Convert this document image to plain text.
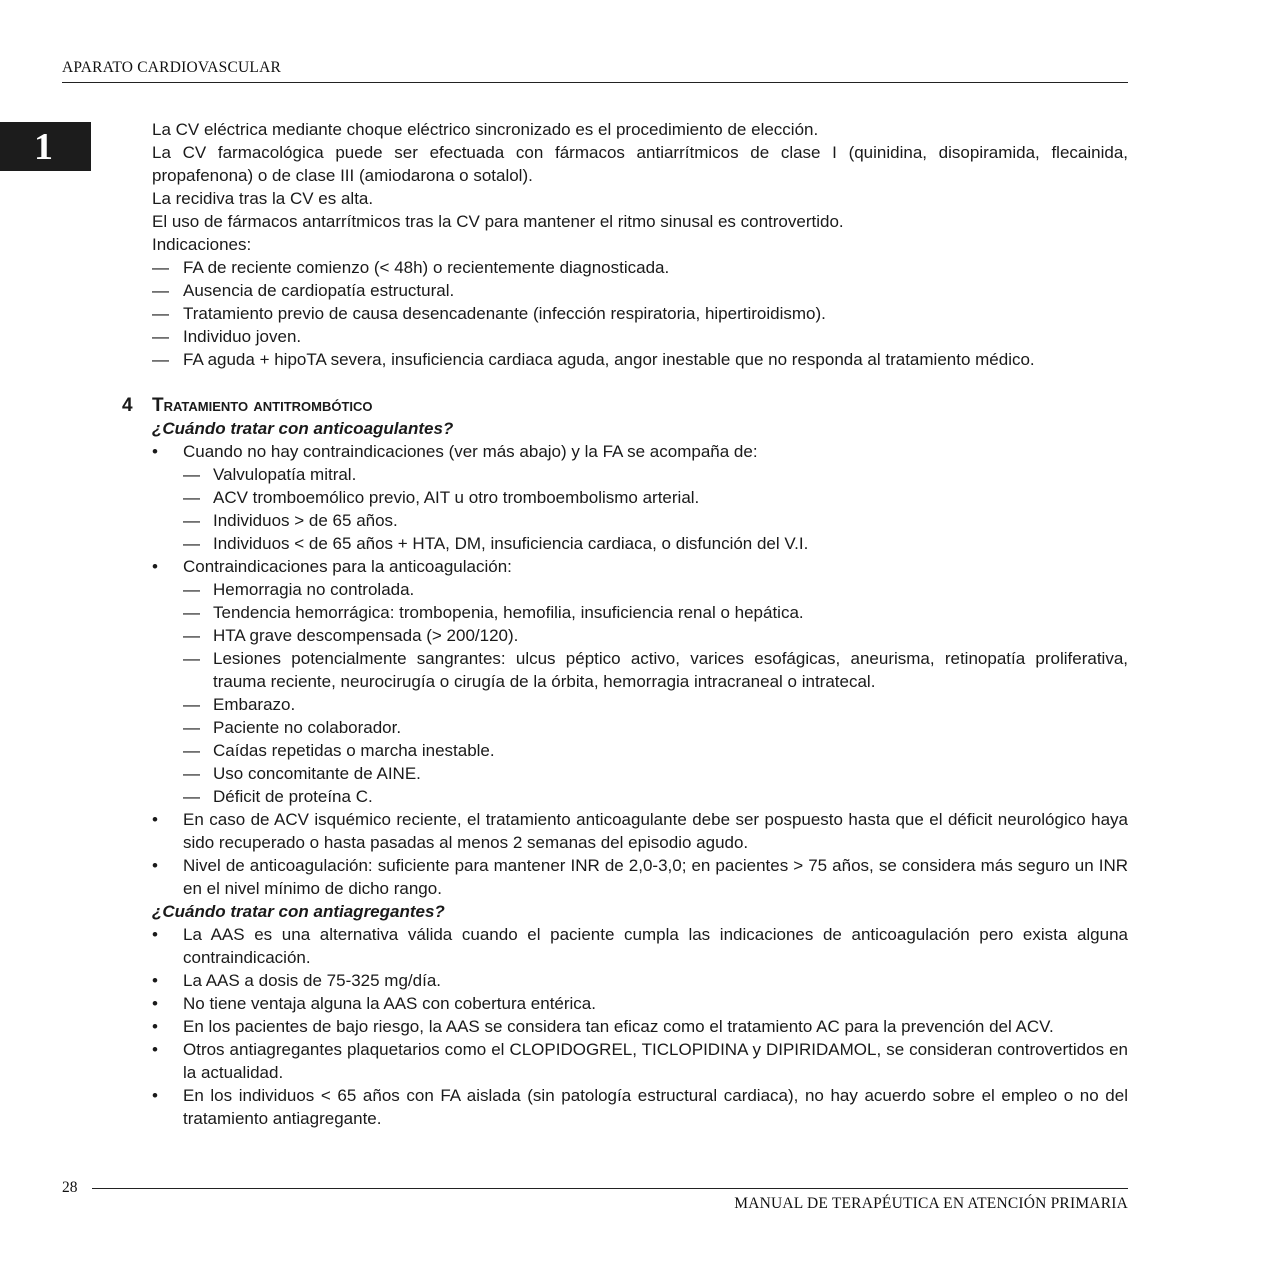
APARATO CARDIOVASCULAR
1	La CV eléctrica mediante choque eléctrico sincronizado es el procedimiento de elección.

La CV farmacológica puede ser efectuada con fármacos antiarrítmicos de clase I (quinidina, disopiramida, flecainida, propafenona) o de clase III (amiodarona o sotalol).

La recidiva tras la CV es alta.

El uso de fármacos antarrítmicos tras la CV para mantener el ritmo sinusal es controvertido.

Indicaciones:

— FA de reciente comienzo (< 48h) o recientemente diagnosticada.
— Ausencia de cardiopatía estructural.
— Tratamiento previo de causa desencadenante (infección respiratoria, hipertiroidismo).
— Individuo joven.
— FA aguda + hipoTA severa, insuficiencia cardiaca aguda, angor inestable que no responda al tratamiento médico.
4 Tratamiento antitrombótico
¿Cuándo tratar con anticoagulantes?
• Cuando no hay contraindicaciones (ver más abajo) y la FA se acompaña de:
— Valvulopatía mitral.
— ACV tromboemólico previo, AIT u otro tromboembolismo arterial.
— Individuos > de 65 años.
— Individuos < de 65 años + HTA, DM, insuficiencia cardiaca, o disfunción del V.I.
• Contraindicaciones para la anticoagulación:
— Hemorragia no controlada.
— Tendencia hemorrágica: trombopenia, hemofilia, insuficiencia renal o hepática.
— HTA grave descompensada (> 200/120).
— Lesiones potencialmente sangrantes: ulcus péptico activo, varices esofágicas, aneurisma, retinopatía proliferativa, trauma reciente, neurocirugía o cirugía de la órbita, hemorragia intracraneal o intratecal.
— Embarazo.
— Paciente no colaborador.
— Caídas repetidas o marcha inestable.
— Uso concomitante de AINE.
— Déficit de proteína C.
• En caso de ACV isquémico reciente, el tratamiento anticoagulante debe ser pospuesto hasta que el déficit neurológico haya sido recuperado o hasta pasadas al menos 2 semanas del episodio agudo.
• Nivel de anticoagulación: suficiente para mantener INR de 2,0-3,0; en pacientes > 75 años, se considera más seguro un INR en el nivel mínimo de dicho rango.
¿Cuándo tratar con antiagregantes?
• La AAS es una alternativa válida cuando el paciente cumpla las indicaciones de anticoagulación pero exista alguna contraindicación.
• La AAS a dosis de 75-325 mg/día.
• No tiene ventaja alguna la AAS con cobertura entérica.
• En los pacientes de bajo riesgo, la AAS se considera tan eficaz como el tratamiento AC para la prevención del ACV.
• Otros antiagregantes plaquetarios como el CLOPIDOGREL, TICLOPIDINA y DIPIRIDAMOL, se consideran controvertidos en la actualidad.
• En los individuos < 65 años con FA aislada (sin patología estructural cardiaca), no hay acuerdo sobre el empleo o no del tratamiento antiagregante.
28
MANUAL DE TERAPÉUTICA EN ATENCIÓN PRIMARIA
